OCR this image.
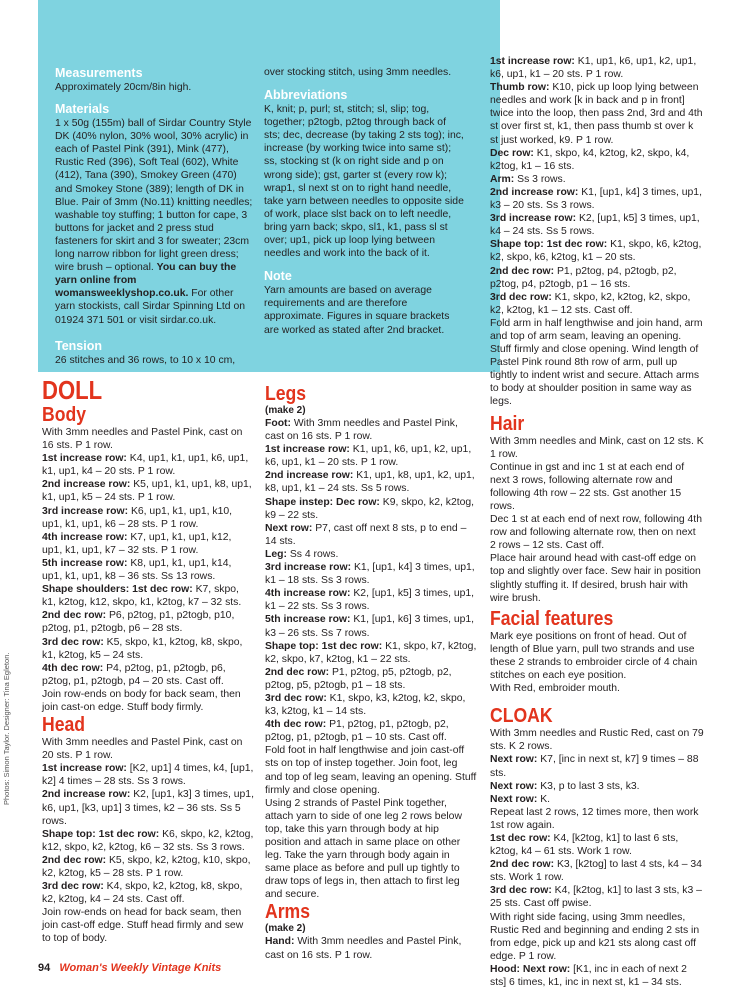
Measurements

Approximately 20cm/8in high.

Materials

1 x 50g (155m) ball of Sirdar Country Style DK (40% nylon, 30% wool, 30% acrylic) in each of Pastel Pink (391), Mink (477), Rustic Red (396), Soft Teal (602), White (412), Tana (390), Smokey Green (470) and Smokey Stone (389); length of DK in Blue. Pair of 3mm (No.11) knitting needles; washable toy stuffing; 1 button for cape, 3 buttons for jacket and 2 press stud fasteners for skirt and 3 for sweater; 23cm long narrow ribbon for light green dress; wire brush – optional. You can buy the yarn online from womansweeklyshop.co.uk. For other yarn stockists, call Sirdar Spinning Ltd on 01924 371 501 or visit sirdar.co.uk.

Tension

26 stitches and 36 rows, to 10 x 10 cm,

over stocking stitch, using 3mm needles.

Abbreviations

K, knit; p, purl; st, stitch; sl, slip; tog, together; p2togb, p2tog through back of sts; dec, decrease (by taking 2 sts tog); inc, increase (by working twice into same st); ss, stocking st (k on right side and p on wrong side); gst, garter st (every row k); wrap1, sl next st on to right hand needle, take yarn between needles to opposite side of work, place slst back on to left needle, bring yarn back; skpo, sl1, k1, pass sl st over; up1, pick up loop lying between needles and work into the back of it.

Note

Yarn amounts are based on average requirements and are therefore approximate. Figures in square brackets are worked as stated after 2nd bracket.

DOLL

Body

With 3mm needles and Pastel Pink, cast on 16 sts. P 1 row.

1st increase row: K4, up1, k1, up1, k6, up1, k1, up1, k4 – 20 sts. P 1 row.

2nd increase row: K5, up1, k1, up1, k8, up1, k1, up1, k5 – 24 sts. P 1 row.

3rd increase row: K6, up1, k1, up1, k10, up1, k1, up1, k6 – 28 sts. P 1 row.

4th increase row: K7, up1, k1, up1, k12, up1, k1, up1, k7 – 32 sts. P 1 row.

5th increase row: K8, up1, k1, up1, k14, up1, k1, up1, k8 – 36 sts. Ss 13 rows.

Shape shoulders: 1st dec row: K7, skpo, k1, k2tog, k12, skpo, k1, k2tog, k7 – 32 sts.

2nd dec row: P6, p2tog, p1, p2togb, p10, p2tog, p1, p2togb, p6 – 28 sts.

3rd dec row: K5, skpo, k1, k2tog, k8, skpo, k1, k2tog, k5 – 24 sts.

4th dec row: P4, p2tog, p1, p2togb, p6, p2tog, p1, p2togb, p4 – 20 sts. Cast off.

Join row-ends on body for back seam, then join cast-on edge. Stuff body firmly.

Head

With 3mm needles and Pastel Pink, cast on 20 sts. P 1 row.

1st increase row: [K2, up1] 4 times, k4, [up1, k2] 4 times – 28 sts. Ss 3 rows.

2nd increase row: K2, [up1, k3] 3 times, up1, k6, up1, [k3, up1] 3 times, k2 – 36 sts. Ss 5 rows.

Shape top: 1st dec row: K6, skpo, k2, k2tog, k12, skpo, k2, k2tog, k6 – 32 sts. Ss 3 rows.

2nd dec row: K5, skpo, k2, k2tog, k10, skpo, k2, k2tog, k5 – 28 sts. P 1 row.

3rd dec row: K4, skpo, k2, k2tog, k8, skpo, k2, k2tog, k4 – 24 sts. Cast off.

Join row-ends on head for back seam, then join cast-off edge. Stuff head firmly and sew to top of body.

Legs

(make 2)

Foot: With 3mm needles and Pastel Pink, cast on 16 sts. P 1 row.

1st increase row: K1, up1, k6, up1, k2, up1, k6, up1, k1 – 20 sts. P 1 row.

2nd increase row: K1, up1, k8, up1, k2, up1, k8, up1, k1 – 24 sts. Ss 5 rows.

Shape instep: Dec row: K9, skpo, k2, k2tog, k9 – 22 sts.

Next row: P7, cast off next 8 sts, p to end – 14 sts.

Leg: Ss 4 rows.

3rd increase row: K1, [up1, k4] 3 times, up1, k1 – 18 sts. Ss 3 rows.

4th increase row: K2, [up1, k5] 3 times, up1, k1 – 22 sts. Ss 3 rows.

5th increase row: K1, [up1, k6] 3 times, up1, k3 – 26 sts. Ss 7 rows.

Shape top: 1st dec row: K1, skpo, k7, k2tog, k2, skpo, k7, k2tog, k1 – 22 sts.

2nd dec row: P1, p2tog, p5, p2togb, p2, p2tog, p5, p2togb, p1 – 18 sts.

3rd dec row: K1, skpo, k3, k2tog, k2, skpo, k3, k2tog, k1 – 14 sts.

4th dec row: P1, p2tog, p1, p2togb, p2, p2tog, p1, p2togb, p1 – 10 sts. Cast off.

Fold foot in half lengthwise and join cast-off sts on top of instep together. Join foot, leg and top of leg seam, leaving an opening. Stuff firmly and close opening.

Using 2 strands of Pastel Pink together, attach yarn to side of one leg 2 rows below top, take this yarn through body at hip position and attach in same place on other leg. Take the yarn through body again in same place as before and pull up tightly to draw tops of legs in, then attach to first leg and secure.

Arms

(make 2)

Hand: With 3mm needles and Pastel Pink, cast on 16 sts. P 1 row.

1st increase row: K1, up1, k6, up1, k2, up1, k6, up1, k1 – 20 sts. P 1 row.

Thumb row: K10, pick up loop lying between needles and work [k in back and p in front] twice into the loop, then pass 2nd, 3rd and 4th st over first st, k1, then pass thumb st over k st just worked, k9. P 1 row.

Dec row: K1, skpo, k4, k2tog, k2, skpo, k4, k2tog, k1 – 16 sts.

Arm: Ss 3 rows.

2nd increase row: K1, [up1, k4] 3 times, up1, k3 – 20 sts. Ss 3 rows.

3rd increase row: K2, [up1, k5] 3 times, up1, k4 – 24 sts. Ss 5 rows.

Shape top: 1st dec row: K1, skpo, k6, k2tog, k2, skpo, k6, k2tog, k1 – 20 sts.

2nd dec row: P1, p2tog, p4, p2togb, p2, p2tog, p4, p2togb, p1 – 16 sts.

3rd dec row: K1, skpo, k2, k2tog, k2, skpo, k2, k2tog, k1 – 12 sts. Cast off.

Fold arm in half lengthwise and join hand, arm and top of arm seam, leaving an opening. Stuff firmly and close opening. Wind length of Pastel Pink round 8th row of arm, pull up tightly to indent wrist and secure. Attach arms to body at shoulder position in same way as legs.

Hair

With 3mm needles and Mink, cast on 12 sts. K 1 row.

Continue in gst and inc 1 st at each end of next 3 rows, following alternate row and following 4th row – 22 sts. Gst another 15 rows.

Dec 1 st at each end of next row, following 4th row and following alternate row, then on next 2 rows – 12 sts. Cast off.

Place hair around head with cast-off edge on top and slightly over face. Sew hair in position slightly stuffing it. If desired, brush hair with wire brush.

Facial features

Mark eye positions on front of head. Out of length of Blue yarn, pull two strands and use these 2 strands to embroider circle of 4 chain stitches on each eye position.

With Red, embroider mouth.

CLOAK

With 3mm needles and Rustic Red, cast on 79 sts. K 2 rows.

Next row: K7, [inc in next st, k7] 9 times – 88 sts.

Next row: K3, p to last 3 sts, k3.

Next row: K.

Repeat last 2 rows, 12 times more, then work 1st row again.

1st dec row: K4, [k2tog, k1] to last 6 sts, k2tog, k4 – 61 sts. Work 1 row.

2nd dec row: K3, [k2tog] to last 4 sts, k4 – 34 sts. Work 1 row.

3rd dec row: K4, [k2tog, k1] to last 3 sts, k3 – 25 sts. Cast off pwise.

With right side facing, using 3mm needles, Rustic Red and beginning and ending 2 sts in from edge, pick up and k21 sts along cast off edge. P 1 row.

Hood: Next row: [K1, inc in each of next 2 sts] 6 times, k1, inc in next st, k1 – 34 sts.

Photos: Simon Taylor. Designer: Tina Egleton.
94 Woman's Weekly Vintage Knits
